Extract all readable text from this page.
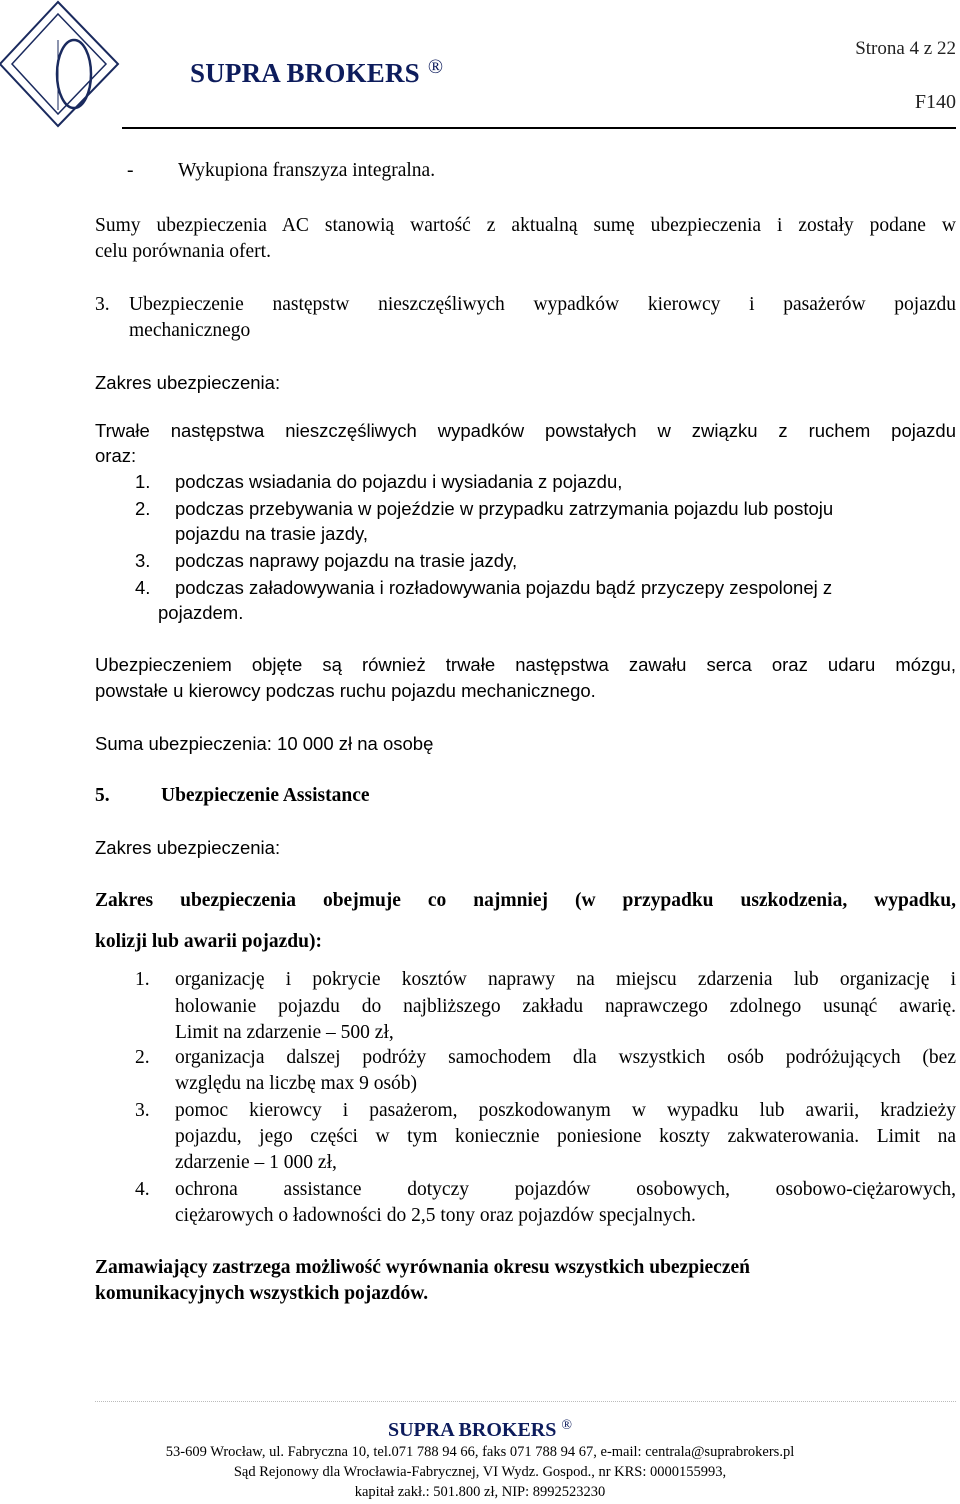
SUPRA BROKERS ®
Strona 4 z 22
F140
- Wykupiona franszyza integralna.
Sumy ubezpieczenia AC stanowią wartość z aktualną sumę ubezpieczenia i zostały podane w
celu porównania ofert.
3. Ubezpieczenie następstw nieszczęśliwych wypadków kierowcy i pasażerów pojazdu
mechanicznego
Zakres ubezpieczenia:
Trwałe następstwa nieszczęśliwych wypadków powstałych w związku z ruchem pojazdu
oraz:
1. podczas wsiadania do pojazdu i wysiadania z pojazdu,
2. podczas przebywania w pojeździe w przypadku zatrzymania pojazdu lub postoju
pojazdu na trasie jazdy,
3. podczas naprawy pojazdu na trasie jazdy,
4. podczas załadowywania i rozładowywania pojazdu bądź przyczepy zespolonej z
pojazdem.
Ubezpieczeniem objęte są również trwałe następstwa zawału serca oraz udaru mózgu,
powstałe u kierowcy podczas ruchu pojazdu mechanicznego.
Suma ubezpieczenia: 10 000 zł na osobę
5.	Ubezpieczenie Assistance
Zakres ubezpieczenia:
Zakres ubezpieczenia obejmuje co najmniej (w przypadku uszkodzenia, wypadku,
kolizji lub awarii pojazdu):
1. organizację i pokrycie kosztów naprawy na miejscu zdarzenia lub organizację i
holowanie pojazdu do najbliższego zakładu naprawczego zdolnego usunąć awarię.
Limit na zdarzenie – 500 zł,
2. organizacja dalszej podróży samochodem dla wszystkich osób podróżujących (bez
względu na liczbę max 9 osób)
3. pomoc kierowcy i pasażerom, poszkodowanym w wypadku lub awarii, kradzieży
pojazdu, jego części w tym koniecznie poniesione koszty zakwaterowania. Limit na
zdarzenie – 1 000 zł,
4. ochrona assistance dotyczy pojazdów osobowych, osobowo-ciężarowych,
ciężarowych o ładowności do 2,5 tony oraz pojazdów specjalnych.
Zamawiający zastrzega możliwość wyrównania okresu wszystkich ubezpieczeń
komunikacyjnych wszystkich pojazdów.
SUPRA BROKERS ®
53-609 Wrocław, ul. Fabryczna 10, tel.071 788 94 66, faks 071 788 94 67, e-mail: centrala@suprabrokers.pl
Sąd Rejonowy dla Wrocławia-Fabrycznej, VI Wydz. Gospod., nr KRS: 0000155993,
kapitał zakł.: 501.800 zł, NIP: 8992523230
